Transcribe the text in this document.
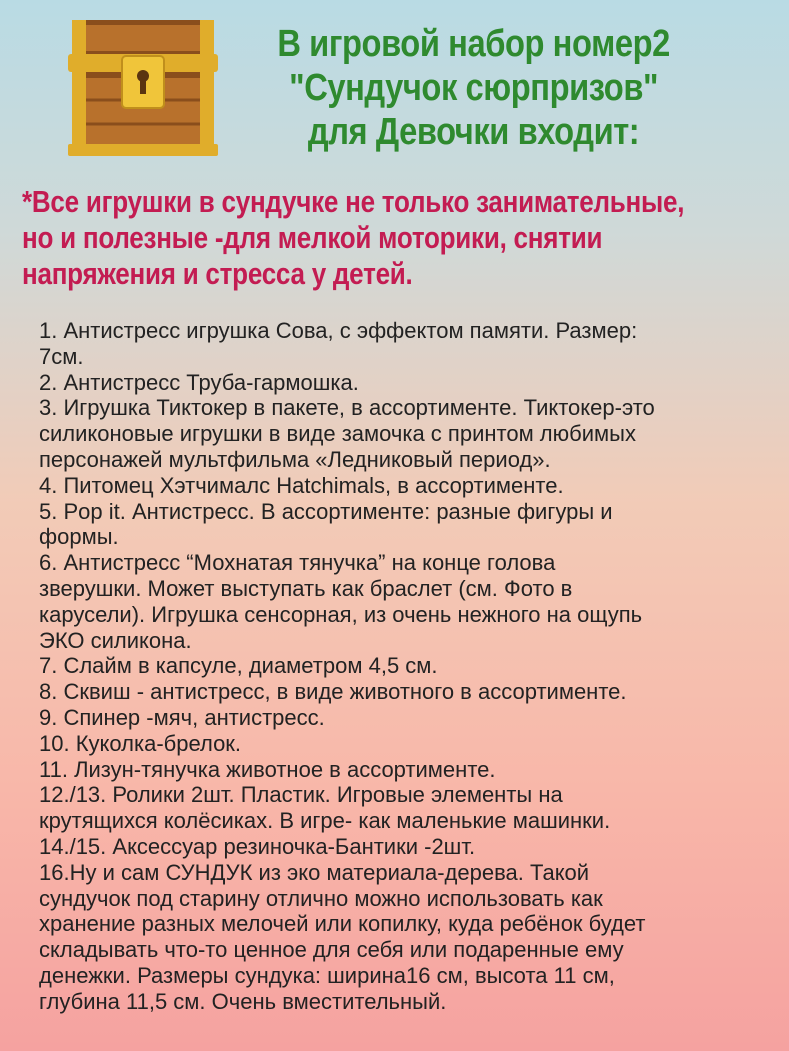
В игровой набор номер2
"Сундучок сюрпризов"
для Девочки входит:
*Все игрушки в сундучке не только занимательные,
но и полезные -для мелкой моторики, снятии
напряжения и стресса у детей.
1. Антистресс игрушка Сова, с эффектом памяти. Размер:
7см.
2. Антистресс Труба-гармошка.
3. Игрушка Тиктокер в пакете, в ассортименте. Тиктокер-это
силиконовые игрушки в виде замочка с принтом любимых
персонажей мультфильма «Ледниковый период».
4. Питомец Хэтчималс Hatchimals, в ассортименте.
5. Pop it. Антистресс. В ассортименте: разные фигуры и
формы.
6. Антистресс “Мохнатая тянучка” на конце голова
зверушки. Может выступать как браслет (см. Фото в
карусели). Игрушка сенсорная, из очень нежного на ощупь
ЭКО силикона.
7. Слайм в капсуле, диаметром 4,5 см.
8. Сквиш - антистресс, в виде животного в ассортименте.
9. Спинер -мяч, антистресс.
10. Куколка-брелок.
11. Лизун-тянучка животное в ассортименте.
12./13. Ролики 2шт. Пластик. Игровые элементы на
крутящихся колёсиках. В игре- как маленькие машинки.
14./15. Аксессуар резиночка-Бантики -2шт.
16.Ну и сам СУНДУК из эко материала-дерева. Такой
сундучок под старину отлично можно использовать как
хранение разных мелочей или копилку, куда ребёнок будет
складывать что-то ценное для себя или подаренные ему
денежки. Размеры сундука: ширина16 см, высота 11 см,
глубина 11,5 см. Очень вместительный.
